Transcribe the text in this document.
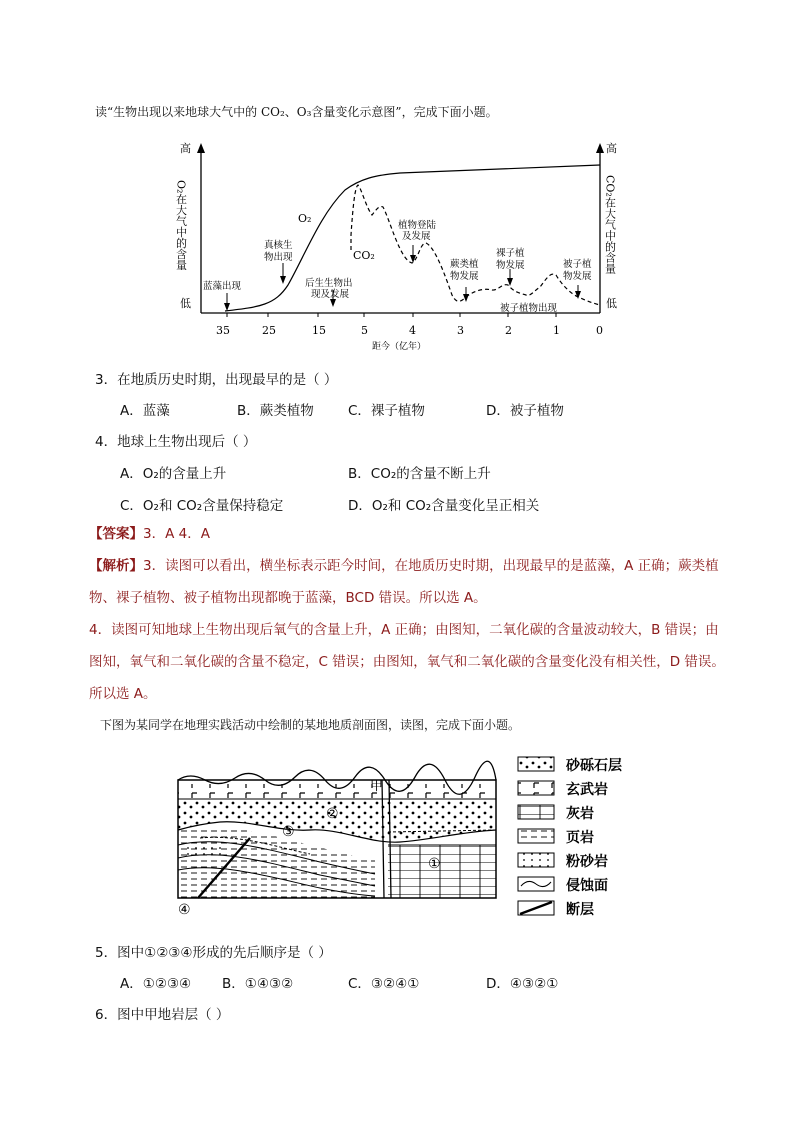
读“生物出现以来地球大气中的 CO₂、O₃含量变化示意图”，完成下面小题。
高
O₂在大气中的含量
低
高
CO₂在大气中的含量
低
O₂
CO₂
蓝藻出现
真核生
物出现
后生生物出
现及发展
植物登陆
及发展
蕨类植
物发展
裸子植
物发展	被子植
物发展
被子植物出现
35	25	15	5	4	3	2	1	0
距今（亿年）
3．在地质历史时期，出现最早的是（ ）
A．蓝藻	B．蕨类植物	C．裸子植物	D．被子植物
4．地球上生物出现后（ ）
A．O₂的含量上升	B．CO₂的含量不断上升
C．O₂和 CO₂含量保持稳定	D．O₂和 CO₂含量变化呈正相关
【答案】3．A 4．A
【解析】3．读图可以看出，横坐标表示距今时间，在地质历史时期，出现最早的是蓝藻，A 正确；蕨类植物、裸子植物、被子植物出现都晚于蓝藻，BCD 错误。所以选 A。
4．读图可知地球上生物出现后氧气的含量上升，A 正确；由图知，二氧化碳的含量波动较大，B 错误；由图知，氧气和二氧化碳的含量不稳定，C 错误；由图知，氧气和二氧化碳的含量变化没有相关性，D 错误。所以选 A。
下图为某同学在地理实践活动中绘制的某地地质剖面图，读图，完成下面小题。
甲
②
③
①
④
砂砾石层
玄武岩
灰岩
页岩
粉砂岩
侵蚀面
断层
5．图中①②③④形成的先后顺序是（ ）
A．①②③④ B．①④③②	C．③②④①	D．④③②①
6．图中甲地岩层（ ）
